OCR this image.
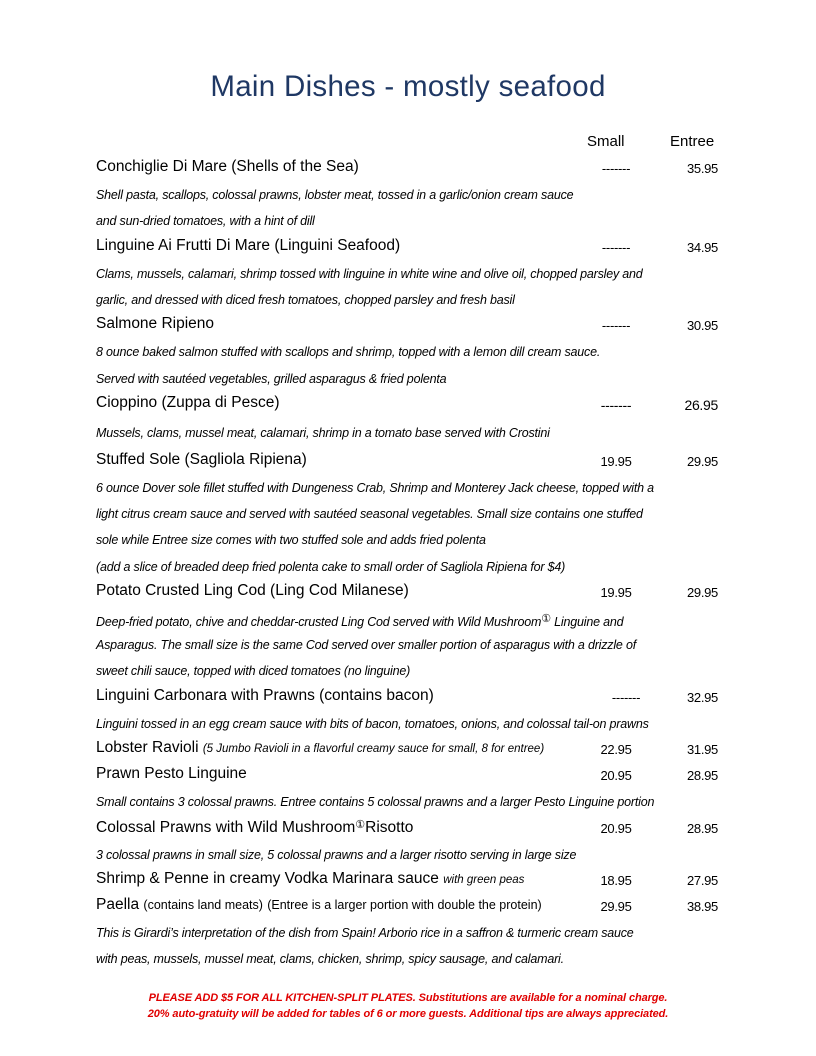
Main Dishes - mostly seafood
Small	Entree
Conchiglie Di Mare (Shells of the Sea)	-------	35.95
Shell pasta, scallops, colossal prawns, lobster meat, tossed in a garlic/onion cream sauce
and sun-dried tomatoes, with a hint of dill
Linguine Ai Frutti Di Mare (Linguini Seafood)	-------	34.95
Clams, mussels, calamari, shrimp tossed with linguine in white wine and olive oil, chopped parsley and
garlic, and dressed with diced fresh tomatoes, chopped parsley and fresh basil
Salmone Ripieno	-------	30.95
8 ounce baked salmon stuffed with scallops and shrimp, topped with a lemon dill cream sauce.
Served with sautéed vegetables, grilled asparagus & fried polenta
Cioppino (Zuppa di Pesce)	-------	26.95
Mussels, clams, mussel meat, calamari, shrimp in a tomato base served with Crostini
Stuffed Sole (Sagliola Ripiena)	19.95	29.95
6 ounce Dover sole fillet stuffed with Dungeness Crab, Shrimp and Monterey Jack cheese, topped with a
light citrus cream sauce and served with sautéed seasonal vegetables. Small size contains one stuffed
sole while Entree size comes with two stuffed sole and adds fried polenta
(add a slice of breaded deep fried polenta cake to small order of Sagliola Ripiena for $4)
Potato Crusted Ling Cod (Ling Cod Milanese)	19.95	29.95
Deep-fried potato, chive and cheddar-crusted Ling Cod served with Wild Mushroom① Linguine and
Asparagus. The small size is the same Cod served over smaller portion of asparagus with a drizzle of
sweet chili sauce, topped with diced tomatoes (no linguine)
Linguini Carbonara with Prawns (contains bacon)	-------	32.95
Linguini tossed in an egg cream sauce with bits of bacon, tomatoes, onions, and colossal tail-on prawns
Lobster Ravioli (5 Jumbo Ravioli in a flavorful creamy sauce for small, 8 for entree)	22.95	31.95
Prawn Pesto Linguine	20.95	28.95
Small contains 3 colossal prawns. Entree contains 5 colossal prawns and a larger Pesto Linguine portion
Colossal Prawns with Wild Mushroom①Risotto	20.95	28.95
3 colossal prawns in small size, 5 colossal prawns and a larger risotto serving in large size
Shrimp & Penne in creamy Vodka Marinara sauce with green peas	18.95	27.95
Paella (contains land meats) (Entree is a larger portion with double the protein)	29.95	38.95
This is Girardi’s interpretation of the dish from Spain! Arborio rice in a saffron & turmeric cream sauce
with peas, mussels, mussel meat, clams, chicken, shrimp, spicy sausage, and calamari.
PLEASE ADD $5 FOR ALL KITCHEN-SPLIT PLATES. Substitutions are available for a nominal charge.
20% auto-gratuity will be added for tables of 6 or more guests. Additional tips are always appreciated.
